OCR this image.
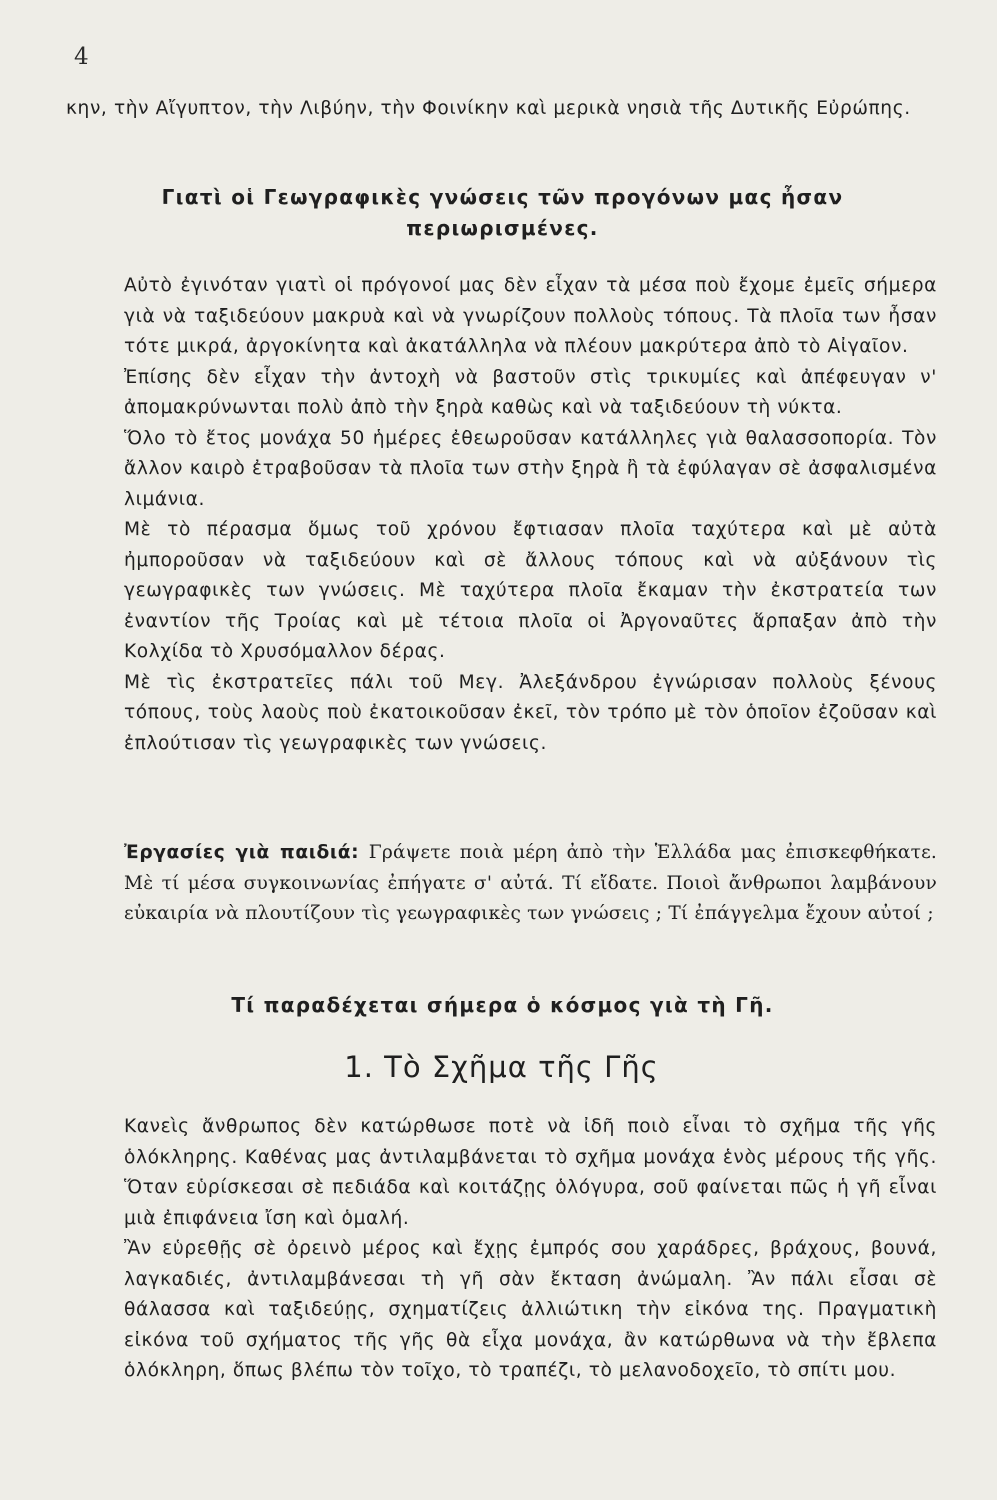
4
κην, τὴν Αἴγυπτον, τὴν Λιβύην, τὴν Φοινίκην καὶ μερικὰ νησιὰ τῆς Δυτικῆς Εὐρώπης.
Γιατὶ οἱ Γεωγραφικὲς γνώσεις τῶν προγόνων μας ἦσαν περιωρισμένες.
Αὐτὸ ἐγινόταν γιατὶ οἱ πρόγονοί μας δὲν εἶχαν τὰ μέσα ποὺ ἔχομε ἐμεῖς σήμερα γιὰ νὰ ταξιδεύουν μακρυὰ καὶ νὰ γνωρίζουν πολλοὺς τόπους. Τὰ πλοῖα των ἦσαν τότε μικρά, ἀργοκίνητα καὶ ἀκατάλληλα νὰ πλέουν μακρύτερα ἀπὸ τὸ Αἰγαῖον.
Ἐπίσης δὲν εἶχαν τὴν ἀντοχὴ νὰ βαστοῦν στὶς τρικυμίες καὶ ἀπέφευγαν ν' ἀπομακρύνωνται πολὺ ἀπὸ τὴν ξηρὰ καθὼς καὶ νὰ ταξιδεύουν τὴ νύκτα.
Ὅλο τὸ ἔτος μονάχα 50 ἡμέρες ἐθεωροῦσαν κατάλληλες γιὰ θαλασσοπορία. Τὸν ἄλλον καιρὸ ἐτραβοῦσαν τὰ πλοῖα των στὴν ξηρὰ ἢ τὰ ἐφύλαγαν σὲ ἀσφαλισμένα λιμάνια.
Μὲ τὸ πέρασμα ὅμως τοῦ χρόνου ἔφτιασαν πλοῖα ταχύτερα καὶ μὲ αὐτὰ ἠμποροῦσαν νὰ ταξιδεύουν καὶ σὲ ἄλλους τόπους καὶ νὰ αὐξάνουν τὶς γεωγραφικὲς των γνώσεις. Μὲ ταχύτερα πλοῖα ἔκαμαν τὴν ἐκστρατεία των ἐναντίον τῆς Τροίας καὶ μὲ τέτοια πλοῖα οἱ Ἀργοναῦτες ἅρπαξαν ἀπὸ τὴν Κολχίδα τὸ Χρυσόμαλλον δέρας.
Μὲ τὶς ἐκστρατεῖες πάλι τοῦ Μεγ. Ἀλεξάνδρου ἐγνώρισαν πολλοὺς ξένους τόπους, τοὺς λαοὺς ποὺ ἐκατοικοῦσαν ἐκεῖ, τὸν τρόπο μὲ τὸν ὁποῖον ἐζοῦσαν καὶ ἐπλούτισαν τὶς γεωγραφικὲς των γνώσεις.
Ἐργασίες γιὰ παιδιά: Γράψετε ποιὰ μέρη ἀπὸ τὴν Ἑλλάδα μας ἐπισκεφθήκατε. Μὲ τί μέσα συγκοινωνίας ἐπήγατε σ' αὐτά. Τί εἴδατε. Ποιοὶ ἄνθρωποι λαμβάνουν εὐκαιρία νὰ πλουτίζουν τὶς γεωγραφικὲς των γνώσεις ; Τί ἐπάγγελμα ἔχουν αὐτοί ;
Τί παραδέχεται σήμερα ὁ κόσμος γιὰ τὴ Γῆ.
1. Τὸ Σχῆμα τῆς Γῆς
Κανεὶς ἄνθρωπος δὲν κατώρθωσε ποτὲ νὰ ἰδῆ ποιὸ εἶναι τὸ σχῆμα τῆς γῆς ὁλόκληρης. Καθένας μας ἀντιλαμβάνεται τὸ σχῆμα μονάχα ἑνὸς μέρους τῆς γῆς. Ὅταν εὑρίσκεσαι σὲ πεδιάδα καὶ κοιτάζῃς ὁλόγυρα, σοῦ φαίνεται πῶς ἡ γῆ εἶναι μιὰ ἐπιφάνεια ἴση καὶ ὁμαλή.
Ἂν εὑρεθῇς σὲ ὀρεινὸ μέρος καὶ ἔχῃς ἐμπρός σου χαράδρες, βράχους, βουνά, λαγκαδιές, ἀντιλαμβάνεσαι τὴ γῆ σὰν ἔκταση ἀνώμαλη. Ἂν πάλι εἶσαι σὲ θάλασσα καὶ ταξιδεύῃς, σχηματίζεις ἀλλιώτικη τὴν εἰκόνα της. Πραγματικὴ εἰκόνα τοῦ σχήματος τῆς γῆς θὰ εἶχα μονάχα, ἂν κατώρθωνα νὰ τὴν ἔβλεπα ὁλόκληρη, ὅπως βλέπω τὸν τοῖχο, τὸ τραπέζι, τὸ μελανοδοχεῖο, τὸ σπίτι μου.
